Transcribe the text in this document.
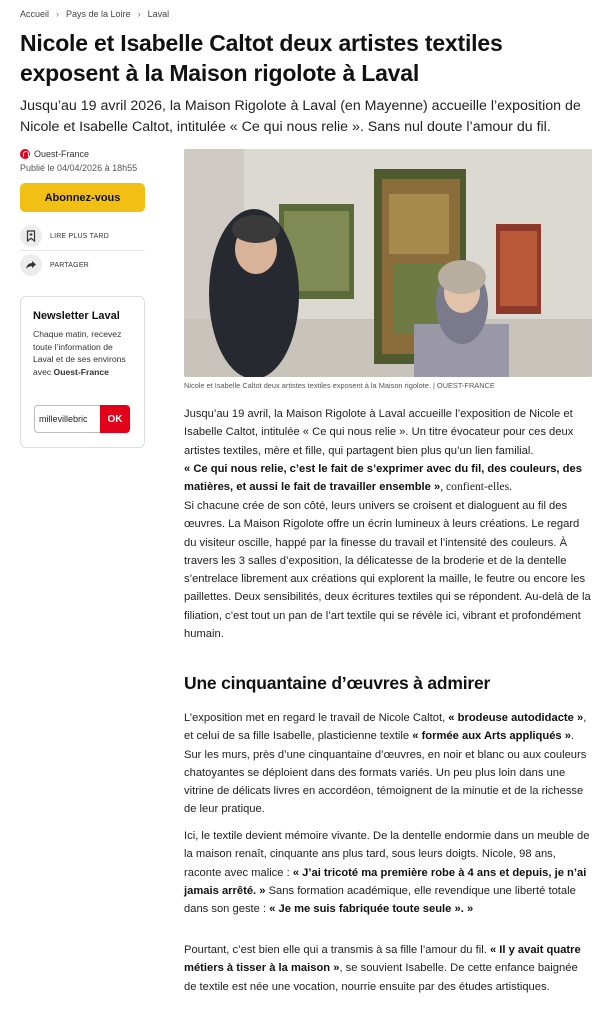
Accueil › Pays de la Loire › Laval
Nicole et Isabelle Caltot deux artistes textiles exposent à la Maison rigolote à Laval

Jusqu’au 19 avril 2026, la Maison Rigolote à Laval (en Mayenne) accueille l’exposition de Nicole et Isabelle Caltot, intitulée « Ce qui nous relie ». Sans nul doute l’amour du fil.

Ouest-France
Publié le 04/04/2026 à 18h55
Abonnez-vous
LIRE PLUS TARD
PARTAGER
Newsletter Laval
Chaque matin, recevez toute l’information de Laval et de ses environs avec Ouest-France
millevillebric
OK
Nicole et Isabelle Caltot deux artistes textiles exposent à la Maison rigolote. | OUEST-FRANCE

Jusqu’au 19 avril, la Maison Rigolote à Laval accueille l’exposition de Nicole et Isabelle Caltot, intitulée « Ce qui nous relie ». Un titre évocateur pour ces deux artistes textiles, mère et fille, qui partagent bien plus qu’un lien familial.
« Ce qui nous relie, c’est le fait de s’exprimer avec du fil, des couleurs, des matières, et aussi le fait de travailler ensemble », confient-elles.

Si chacune crée de son côté, leurs univers se croisent et dialoguent au fil des œuvres. La Maison Rigolote offre un écrin lumineux à leurs créations. Le regard du visiteur oscille, happé par la finesse du travail et l’intensité des couleurs. À travers les 3 salles d’exposition, la délicatesse de la broderie et de la dentelle s’entrelace librement aux créations qui explorent la maille, le feutre ou encore les paillettes. Deux sensibilités, deux écritures textiles qui se répondent. Au-delà de la filiation, c’est tout un pan de l’art textile qui se révèle ici, vibrant et profondément humain.

Une cinquantaine d’œuvres à admirer

L’exposition met en regard le travail de Nicole Caltot, « brodeuse autodidacte », et celui de sa fille Isabelle, plasticienne textile « formée aux Arts appliqués ». Sur les murs, près d’une cinquantaine d’œuvres, en noir et blanc ou aux couleurs chatoyantes se déploient dans des formats variés. Un peu plus loin dans une vitrine de délicats livres en accordéon, témoignent de la minutie et de la richesse de leur pratique.

Ici, le textile devient mémoire vivante. De la dentelle endormie dans un meuble de la maison renaît, cinquante ans plus tard, sous leurs doigts. Nicole, 98 ans, raconte avec malice : « J’ai tricoté ma première robe à 4 ans et depuis, je n’ai jamais arrêté. » Sans formation académique, elle revendique une liberté totale dans son geste : « Je me suis fabriquée toute seule ». »

Pourtant, c’est bien elle qui a transmis à sa fille l’amour du fil. « Il y avait quatre métiers à tisser à la maison », se souvient Isabelle. De cette enfance baignée de textile est née une vocation, nourrie ensuite par des études artistiques.
